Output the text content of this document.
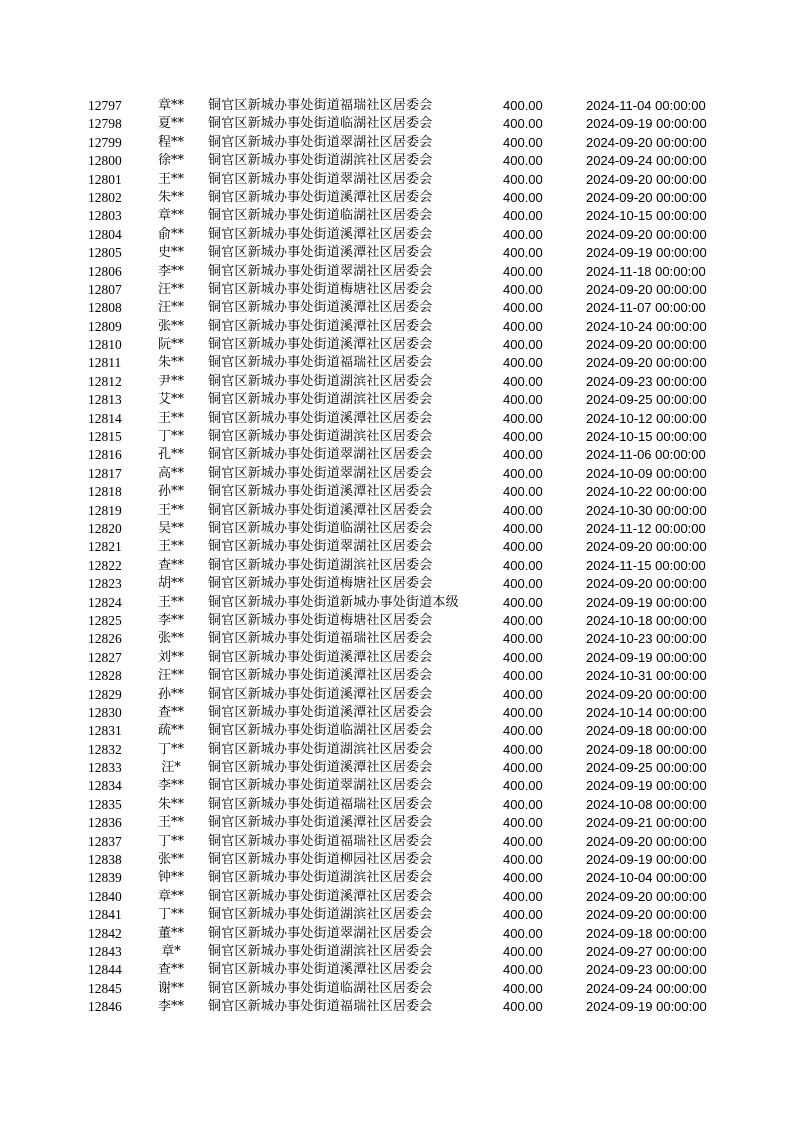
12797	章**	铜官区新城办事处街道福瑞社区居委会	400.00	2024-11-04 00:00:00
12798	夏**	铜官区新城办事处街道临湖社区居委会	400.00	2024-09-19 00:00:00
12799	程**	铜官区新城办事处街道翠湖社区居委会	400.00	2024-09-20 00:00:00
12800	徐**	铜官区新城办事处街道湖滨社区居委会	400.00	2024-09-24 00:00:00
12801	王**	铜官区新城办事处街道翠湖社区居委会	400.00	2024-09-20 00:00:00
12802	朱**	铜官区新城办事处街道溪潭社区居委会	400.00	2024-09-20 00:00:00
12803	章**	铜官区新城办事处街道临湖社区居委会	400.00	2024-10-15 00:00:00
12804	俞**	铜官区新城办事处街道溪潭社区居委会	400.00	2024-09-20 00:00:00
12805	史**	铜官区新城办事处街道溪潭社区居委会	400.00	2024-09-19 00:00:00
12806	李**	铜官区新城办事处街道翠湖社区居委会	400.00	2024-11-18 00:00:00
12807	汪**	铜官区新城办事处街道梅塘社区居委会	400.00	2024-09-20 00:00:00
12808	汪**	铜官区新城办事处街道溪潭社区居委会	400.00	2024-11-07 00:00:00
12809	张**	铜官区新城办事处街道溪潭社区居委会	400.00	2024-10-24 00:00:00
12810	阮**	铜官区新城办事处街道溪潭社区居委会	400.00	2024-09-20 00:00:00
12811	朱**	铜官区新城办事处街道福瑞社区居委会	400.00	2024-09-20 00:00:00
12812	尹**	铜官区新城办事处街道湖滨社区居委会	400.00	2024-09-23 00:00:00
12813	艾**	铜官区新城办事处街道湖滨社区居委会	400.00	2024-09-25 00:00:00
12814	王**	铜官区新城办事处街道溪潭社区居委会	400.00	2024-10-12 00:00:00
12815	丁**	铜官区新城办事处街道湖滨社区居委会	400.00	2024-10-15 00:00:00
12816	孔**	铜官区新城办事处街道翠湖社区居委会	400.00	2024-11-06 00:00:00
12817	高**	铜官区新城办事处街道翠湖社区居委会	400.00	2024-10-09 00:00:00
12818	孙**	铜官区新城办事处街道溪潭社区居委会	400.00	2024-10-22 00:00:00
12819	王**	铜官区新城办事处街道溪潭社区居委会	400.00	2024-10-30 00:00:00
12820	吴**	铜官区新城办事处街道临湖社区居委会	400.00	2024-11-12 00:00:00
12821	王**	铜官区新城办事处街道翠湖社区居委会	400.00	2024-09-20 00:00:00
12822	查**	铜官区新城办事处街道湖滨社区居委会	400.00	2024-11-15 00:00:00
12823	胡**	铜官区新城办事处街道梅塘社区居委会	400.00	2024-09-20 00:00:00
12824	王**	铜官区新城办事处街道新城办事处街道本级	400.00	2024-09-19 00:00:00
12825	李**	铜官区新城办事处街道梅塘社区居委会	400.00	2024-10-18 00:00:00
12826	张**	铜官区新城办事处街道福瑞社区居委会	400.00	2024-10-23 00:00:00
12827	刘**	铜官区新城办事处街道溪潭社区居委会	400.00	2024-09-19 00:00:00
12828	汪**	铜官区新城办事处街道溪潭社区居委会	400.00	2024-10-31 00:00:00
12829	孙**	铜官区新城办事处街道溪潭社区居委会	400.00	2024-09-20 00:00:00
12830	查**	铜官区新城办事处街道溪潭社区居委会	400.00	2024-10-14 00:00:00
12831	疏**	铜官区新城办事处街道临湖社区居委会	400.00	2024-09-18 00:00:00
12832	丁**	铜官区新城办事处街道湖滨社区居委会	400.00	2024-09-18 00:00:00
12833	汪*	铜官区新城办事处街道溪潭社区居委会	400.00	2024-09-25 00:00:00
12834	李**	铜官区新城办事处街道翠湖社区居委会	400.00	2024-09-19 00:00:00
12835	朱**	铜官区新城办事处街道福瑞社区居委会	400.00	2024-10-08 00:00:00
12836	王**	铜官区新城办事处街道溪潭社区居委会	400.00	2024-09-21 00:00:00
12837	丁**	铜官区新城办事处街道福瑞社区居委会	400.00	2024-09-20 00:00:00
12838	张**	铜官区新城办事处街道柳园社区居委会	400.00	2024-09-19 00:00:00
12839	钟**	铜官区新城办事处街道湖滨社区居委会	400.00	2024-10-04 00:00:00
12840	章**	铜官区新城办事处街道溪潭社区居委会	400.00	2024-09-20 00:00:00
12841	丁**	铜官区新城办事处街道湖滨社区居委会	400.00	2024-09-20 00:00:00
12842	董**	铜官区新城办事处街道翠湖社区居委会	400.00	2024-09-18 00:00:00
12843	章*	铜官区新城办事处街道湖滨社区居委会	400.00	2024-09-27 00:00:00
12844	查**	铜官区新城办事处街道溪潭社区居委会	400.00	2024-09-23 00:00:00
12845	谢**	铜官区新城办事处街道临湖社区居委会	400.00	2024-09-24 00:00:00
12846	李**	铜官区新城办事处街道福瑞社区居委会	400.00	2024-09-19 00:00:00
